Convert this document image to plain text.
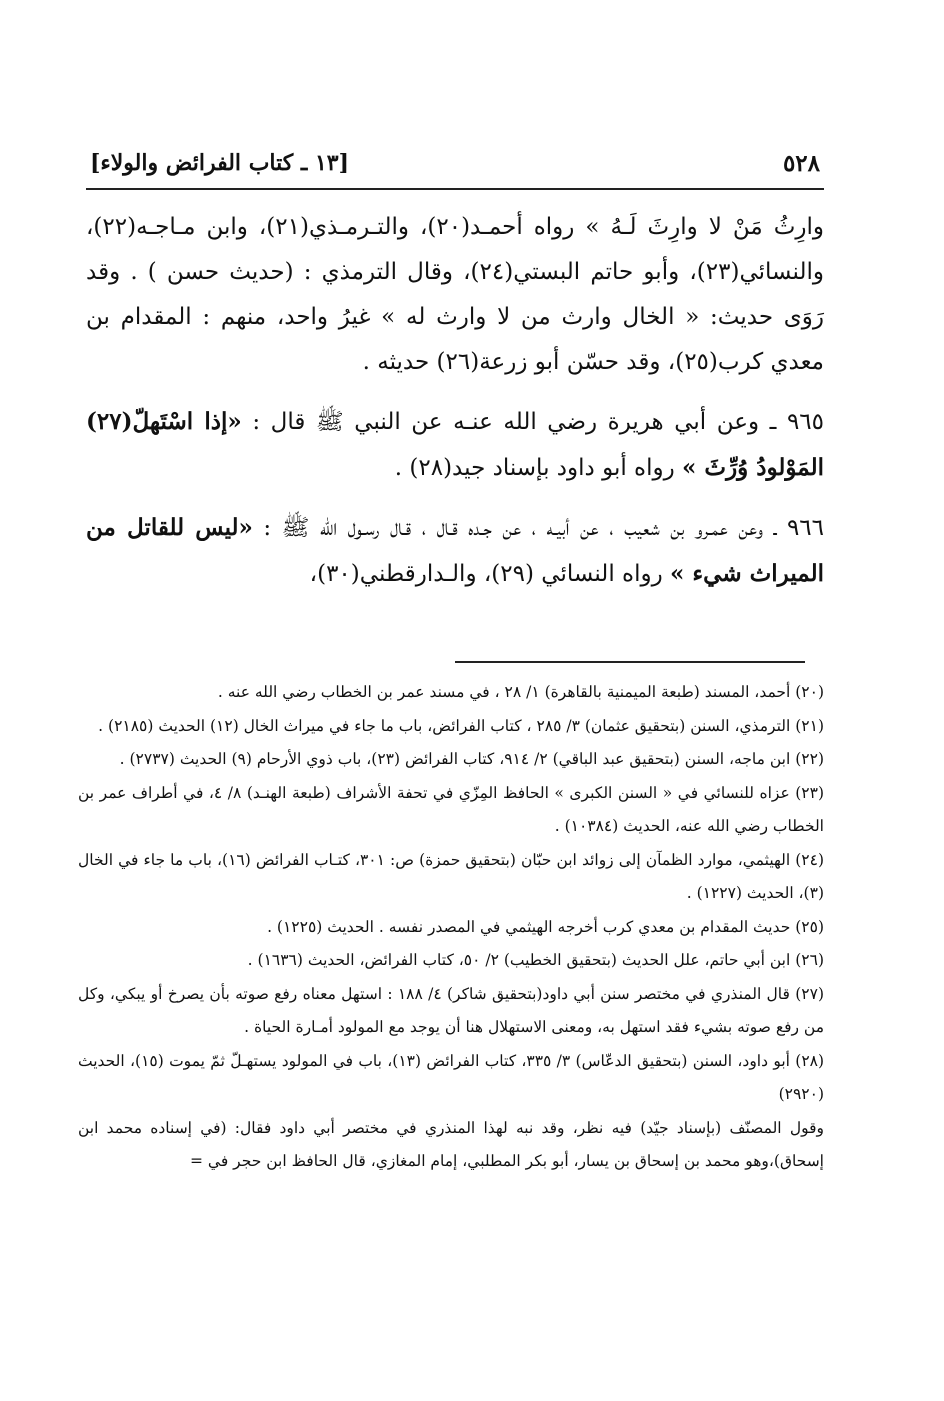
٥٢٨
[١٣ ـ كتاب الفرائض والولاء]

وارِثُ مَنْ لا وارِثَ لَـهُ » رواه أحمـد(٢٠)، والتـرمـذي(٢١)، وابن مـاجـه(٢٢)، والنسائي(٢٣)، وأبو حاتم البستي(٢٤)، وقال الترمذي : (حديث حسن ) . وقد رَوَى حديث: « الخال وارث من لا وارث له » غيرُ واحد، منهم : المقدام بن معدي كرب(٢٥)، وقد حسّن أبو زرعة(٢٦) حديثه .

٩٦٥ ـ وعن أبي هريرة رضي الله عنـه عن النبي ﷺ قال : «إذا اسْتَهلّ(٢٧) المَوْلودُ وُرِّثَ » رواه أبو داود بإسناد جيد(٢٨) .

٩٦٦ ـ وعن عمـرو بن شعيب ، عن أبيـه ، عن جـده قـال ، قـال رسـول الله ﷺ : «ليس للقاتل من الميراث شيء » رواه النسائي (٢٩)، والـدارقطني(٣٠)،

(٢٠) أحمد، المسند (طبعة الميمنية بالقاهرة) ١/ ٢٨ ، في مسند عمر بن الخطاب رضي الله عنه .

(٢١) الترمذي، السنن (بتحقيق عثمان) ٣/ ٢٨٥ ، كتاب الفرائض، باب ما جاء في ميراث الخال (١٢) الحديث (٢١٨٥) .

(٢٢) ابن ماجه، السنن (بتحقيق عبد الباقي) ٢/ ٩١٤، كتاب الفرائض (٢٣)، باب ذوي الأرحام (٩) الحديث (٢٧٣٧) .

(٢٣) عزاه للنسائي في « السنن الكبرى » الحافظ المِزّي في تحفة الأشراف (طبعة الهنـد) ٨/ ٤، في أطراف عمر بن الخطاب رضي الله عنه، الحديث (١٠٣٨٤) .

(٢٤) الهيثمي، موارد الظمآن إلى زوائد ابن حبّان (بتحقيق حمزة) ص: ٣٠١، كتـاب الفرائض (١٦)، باب ما جاء في الخال (٣)، الحديث (١٢٢٧) .

(٢٥) حديث المقدام بن معدي كرب أخرجه الهيثمي في المصدر نفسه . الحديث (١٢٢٥) .

(٢٦) ابن أبي حاتم، علل الحديث (بتحقيق الخطيب) ٢/ ٥٠، كتاب الفرائض، الحديث (١٦٣٦) .

(٢٧) قال المنذري في مختصر سنن أبي داود(بتحقيق شاكر) ٤/ ١٨٨ : استهل معناه رفع صوته بأن يصرخ أو يبكي، وكل من رفع صوته بشيء فقد استهل به، ومعنى الاستهلال هنا أن يوجد مع المولود أمـارة الحياة .

(٢٨) أبو داود، السنن (بتحقيق الدعّاس) ٣/ ٣٣٥، كتاب الفرائض (١٣)، باب في المولود يستهـلّ ثمّ يموت (١٥)، الحديث (٢٩٢٠)

وقول المصنّف (بإسناد جيّد) فيه نظر، وقد نبه لهذا المنذري في مختصر أبي داود فقال: (في إسناده محمد ابن إسحاق)،وهو محمد بن إسحاق بن يسار، أبو بكر المطلبي، إمام المغازي، قال الحافظ ابن حجر في =
